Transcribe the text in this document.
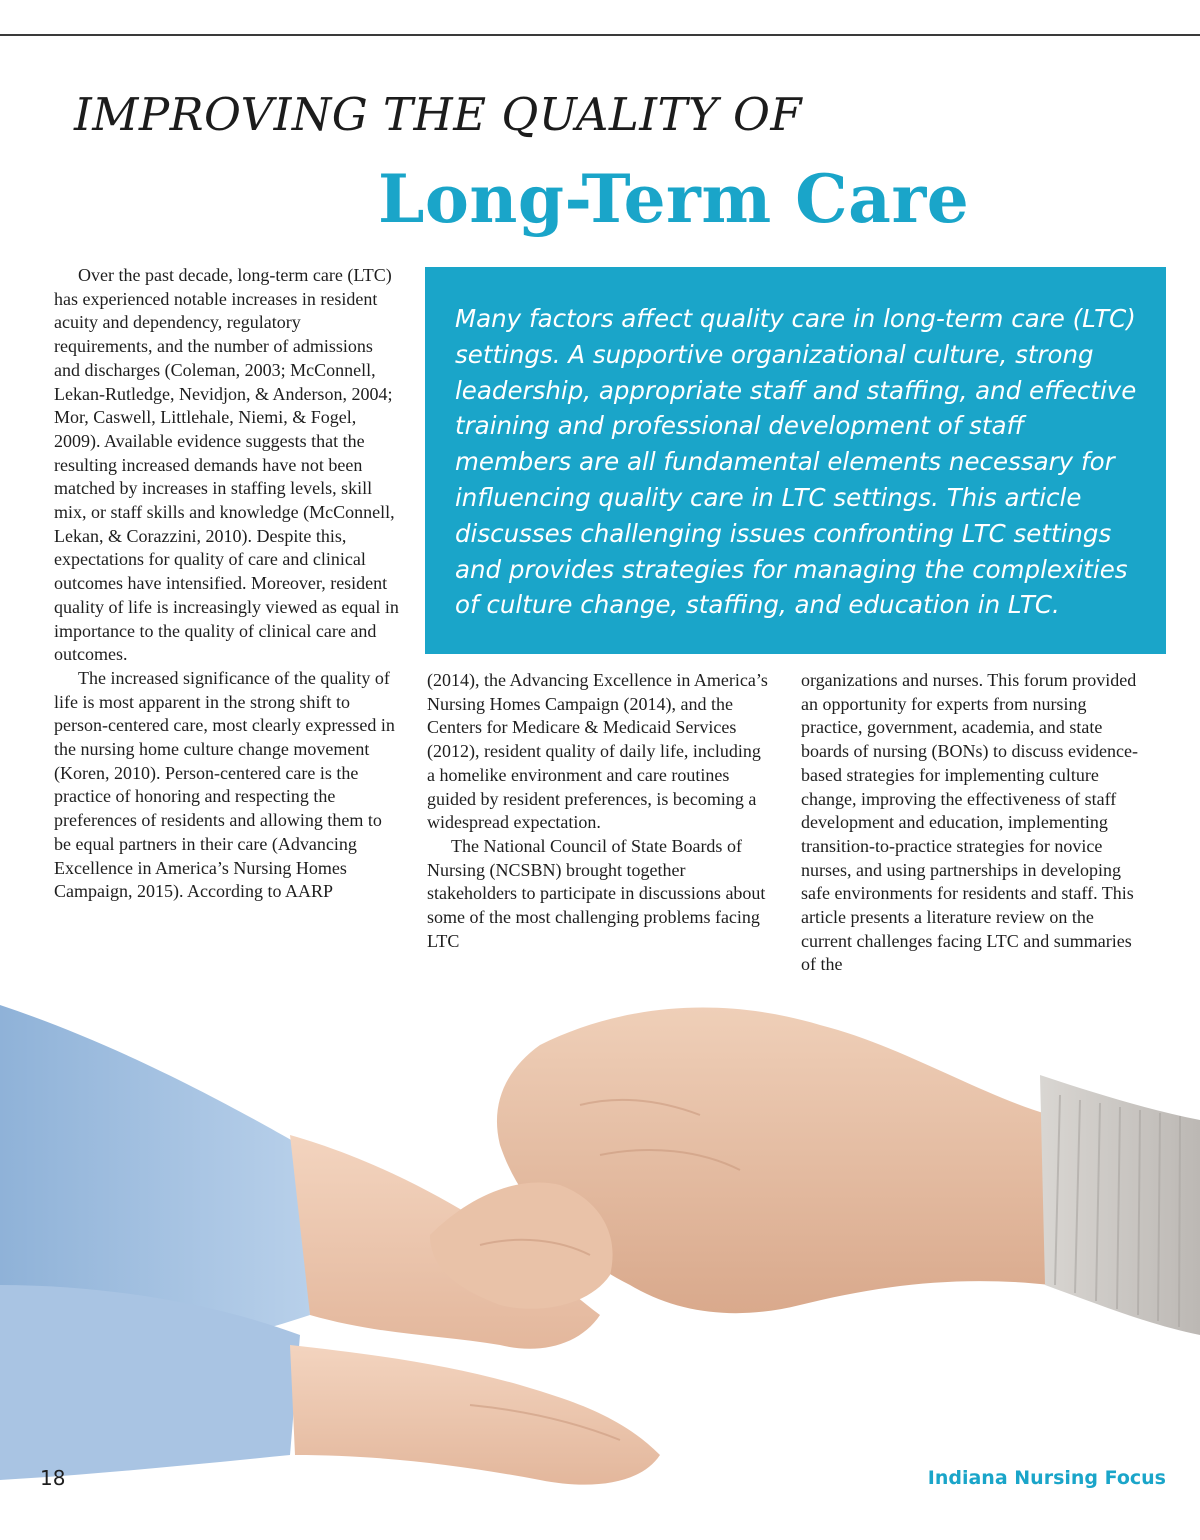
IMPROVING THE QUALITY OF
Long-Term Care

Over the past decade, long-term care (LTC) has experienced notable increases in resident acuity and dependency, regulatory requirements, and the number of admissions and discharges (Coleman, 2003; McConnell, Lekan-Rutledge, Nevidjon, & Anderson, 2004; Mor, Caswell, Littlehale, Niemi, & Fogel, 2009). Available evidence suggests that the resulting increased demands have not been matched by increases in staffing levels, skill mix, or staff skills and knowledge (McConnell, Lekan, & Corazzini, 2010). Despite this, expectations for quality of care and clinical outcomes have intensified. Moreover, resident quality of life is increasingly viewed as equal in importance to the quality of clinical care and outcomes.

The increased significance of the quality of life is most apparent in the strong shift to person-centered care, most clearly expressed in the nursing home culture change movement (Koren, 2010). Person-centered care is the practice of honoring and respecting the preferences of residents and allowing them to be equal partners in their care (Advancing Excellence in America’s Nursing Homes Campaign, 2015). According to AARP

Many factors affect quality care in long-term care (LTC) settings. A supportive organizational culture, strong leadership, appropriate staff and staffing, and effective training and professional development of staff members are all fundamental elements necessary for influencing quality care in LTC settings. This article discusses challenging issues confronting LTC settings and provides strategies for managing the complexities of culture change, staffing, and education in LTC.

(2014), the Advancing Excellence in America’s Nursing Homes Campaign (2014), and the Centers for Medicare & Medicaid Services (2012), resident quality of daily life, including a homelike environment and care routines guided by resident preferences, is becoming a widespread expectation.

The National Council of State Boards of Nursing (NCSBN) brought together stakeholders to participate in discussions about some of the most challenging problems facing LTC

organizations and nurses. This forum provided an opportunity for experts from nursing practice, government, academia, and state boards of nursing (BONs) to discuss evidence-based strategies for implementing culture change, improving the effectiveness of staff development and education, implementing transition-to-practice strategies for novice nurses, and using partnerships in developing safe environments for residents and staff. This article presents a literature review on the current challenges facing LTC and summaries of the

18	Indiana Nursing Focus
